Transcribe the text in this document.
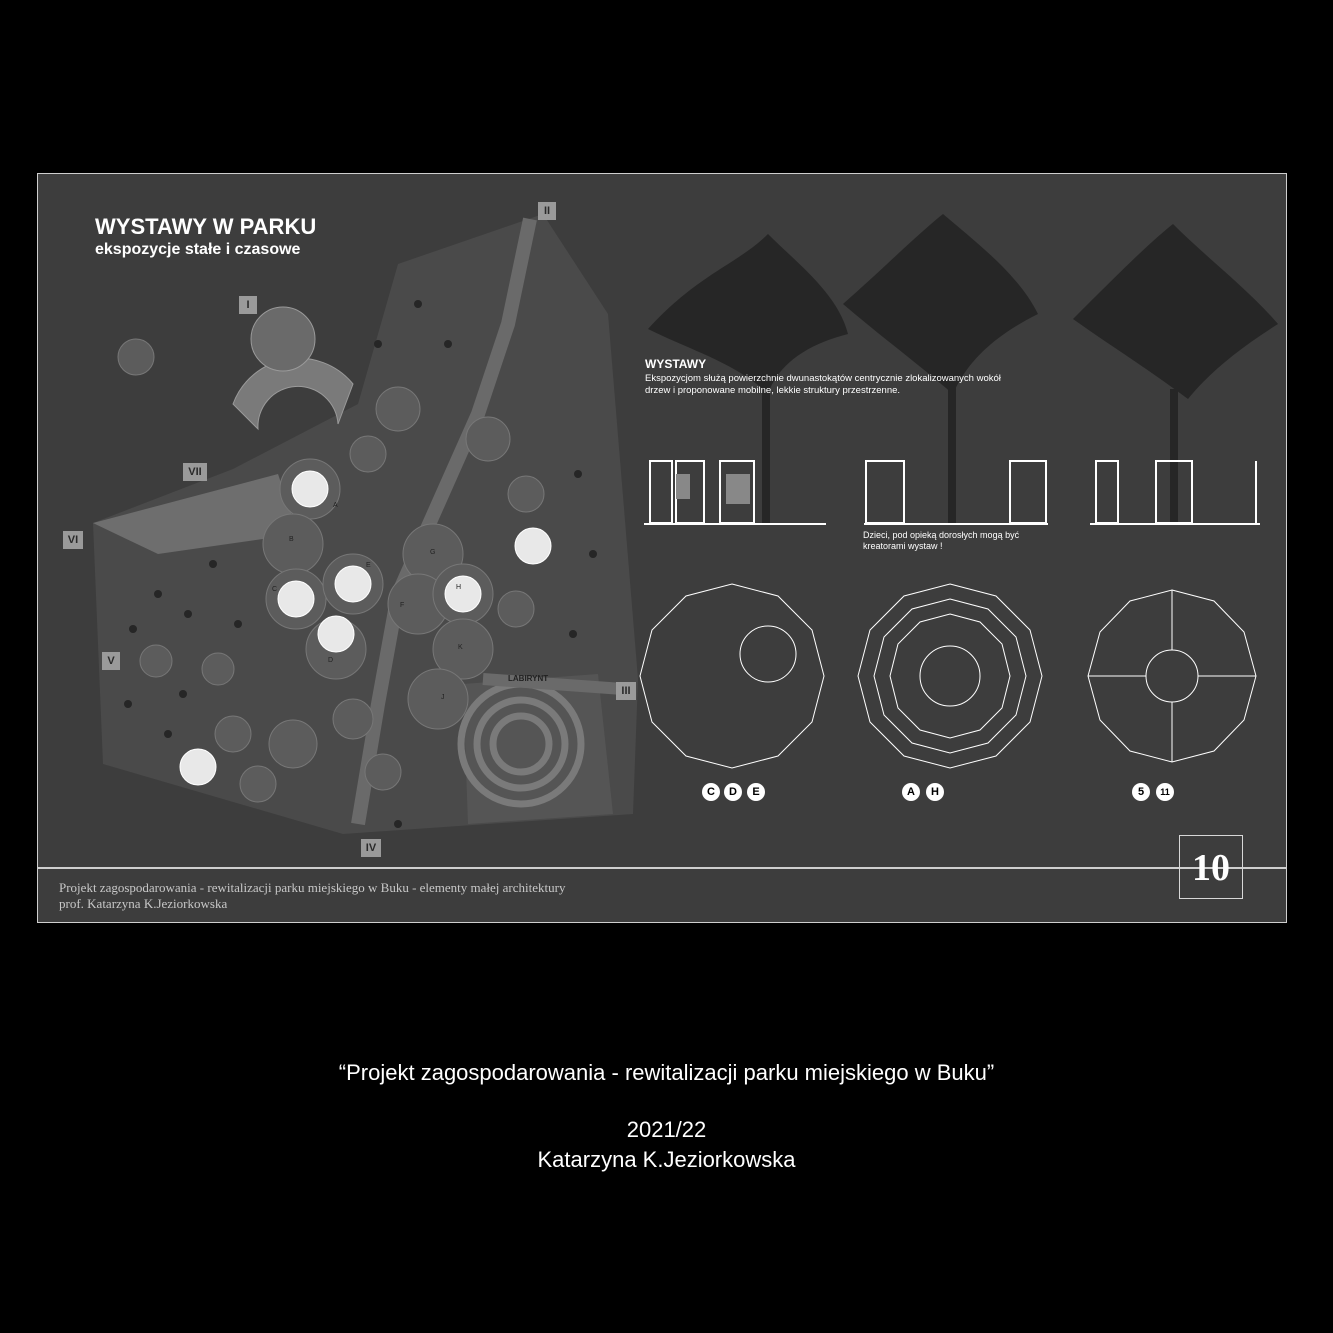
WYSTAWY W PARKU
ekspozycje stałe i czasowe
WYSTAWY
Ekspozycjom służą powierzchnie dwunastokątów centrycznie zlokalizowanych wokół drzew i proponowane mobilne, lekkie struktury przestrzenne.
Dzieci, pod opieką dorosłych mogą być kreatorami wystaw !
I
II
III
IV
V
VI
VII
LABIRYNT
A
B
C
D
E
F
G
H
J
K
C	D	E	A	H	5	11
Projekt zagospodarowania - rewitalizacji parku miejskiego w Buku - elementy małej architektury
prof. Katarzyna K.Jeziorkowska
10
“Projekt zagospodarowania - rewitalizacji parku miejskiego w Buku”
2021/22
Katarzyna K.Jeziorkowska
